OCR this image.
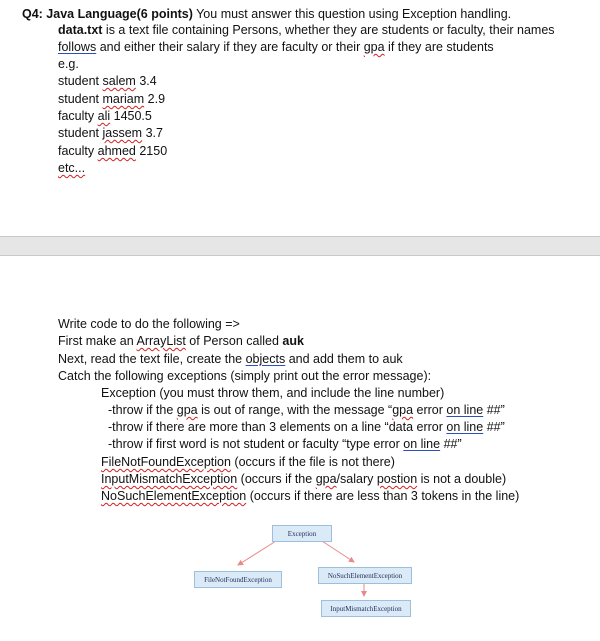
Q4: Java Language(6 points) You must answer this question using Exception handling.
data.txt is a text file containing Persons, whether they are students or faculty, their names
follows and either their salary if they are faculty or their gpa if they are students
e.g.
student salem 3.4
student mariam 2.9
faculty ali 1450.5
student jassem 3.7
faculty ahmed 2150
etc...
Write code to do the following =>
First make an ArrayList of Person called auk
Next, read the text file, create the objects and add them to auk
Catch the following exceptions (simply print out the error message):
Exception (you must throw them, and include the line number)
-throw if the gpa is out of range, with the message “gpa error on line ##”
-throw if there are more than 3 elements on a line “data error on line ##”
-throw if first word is not student or faculty “type error on line ##”
FileNotFoundException (occurs if the file is not there)
InputMismatchException (occurs if the gpa/salary postion is not a double)
NoSuchElementException (occurs if there are less than 3 tokens in the line)
Exception
FileNotFoundException	NoSuchElementException
InputMismatchException
